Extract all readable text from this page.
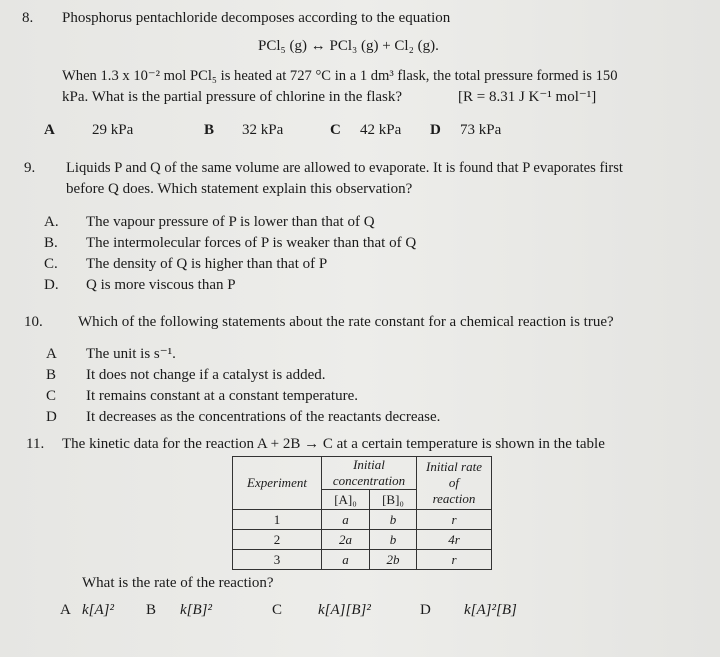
8. Phosphorus pentachloride decomposes according to the equation
PCl₅ (g) ↔ PCl₃ (g) + Cl₂ (g).
When 1.3 x 10⁻² mol PCl₅ is heated at 727 °C in a 1 dm³ flask, the total pressure formed is 150
kPa. What is the partial pressure of chlorine in the flask?	[R = 8.31 J K⁻¹ mol⁻¹]
A 29 kPa	B 32 kPa	C 42 kPa D 73 kPa
9. Liquids P and Q of the same volume are allowed to evaporate. It is found that P evaporates first
before Q does. Which statement explain this observation?
A. The vapour pressure of P is lower than that of Q
B. The intermolecular forces of P is weaker than that of Q
C. The density of Q is higher than that of P
D. Q is more viscous than P
10. Which of the following statements about the rate constant for a chemical reaction is true?
A The unit is s⁻¹.
B It does not change if a catalyst is added.
C It remains constant at a constant temperature.
D It decreases as the concentrations of the reactants decrease.
11. The kinetic data for the reaction A + 2B → C at a certain temperature is shown in the table
Experiment	Initial
concentration		Initial rate of
reaction
	[A]₀	[B]₀	
1	a	b	r
2	2a	b	4r
3	a	2b	r
What is the rate of the reaction?
A k[A]² B k[B]²	C k[A][B]²	D k[A]²[B]
